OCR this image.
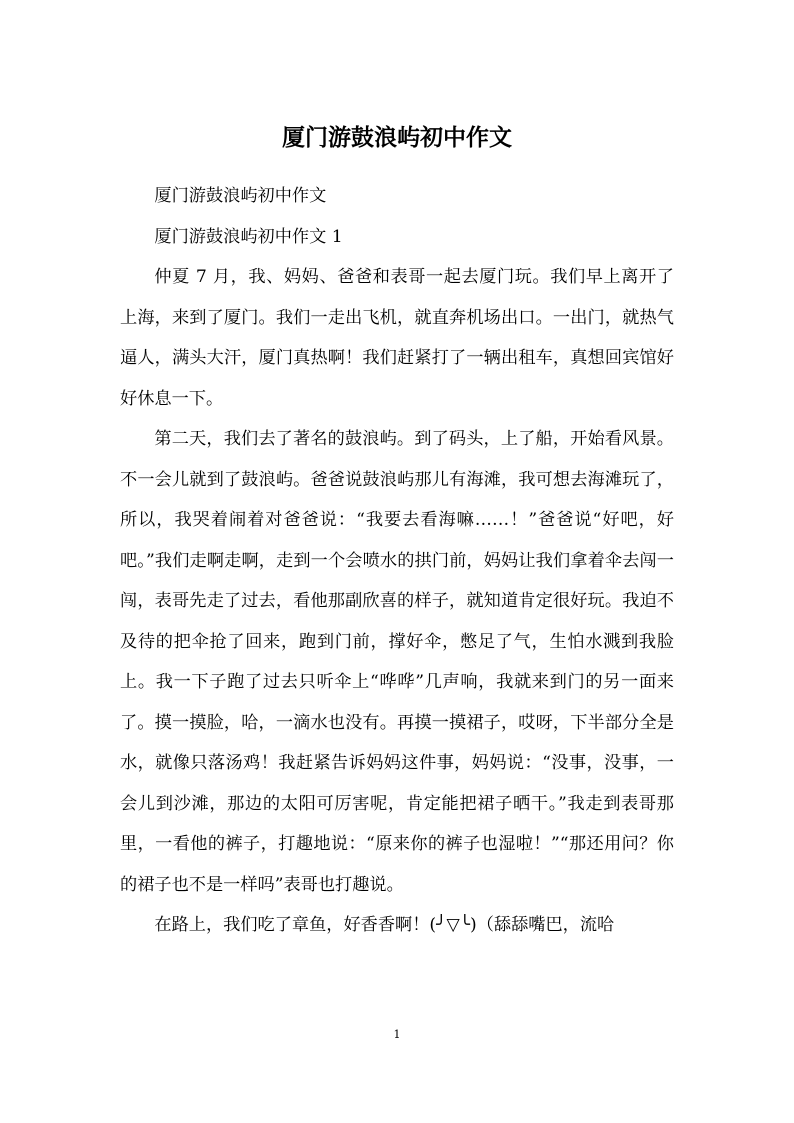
厦门游鼓浪屿初中作文

厦门游鼓浪屿初中作文

厦门游鼓浪屿初中作文 1

仲夏 7 月，我、妈妈、爸爸和表哥一起去厦门玩。我们早上离开了上海，来到了厦门。我们一走出飞机，就直奔机场出口。一出门，就热气逼人，满头大汗，厦门真热啊！我们赶紧打了一辆出租车，真想回宾馆好好休息一下。

第二天，我们去了著名的鼓浪屿。到了码头，上了船，开始看风景。不一会儿就到了鼓浪屿。爸爸说鼓浪屿那儿有海滩，我可想去海滩玩了，所以，我哭着闹着对爸爸说：“我要去看海嘛……！”爸爸说“好吧，好吧。”我们走啊走啊，走到一个会喷水的拱门前，妈妈让我们拿着伞去闯一闯，表哥先走了过去，看他那副欣喜的样子，就知道肯定很好玩。我迫不及待的把伞抢了回来，跑到门前，撑好伞，憋足了气，生怕水溅到我脸上。我一下子跑了过去只听伞上“哗哗”几声响，我就来到门的另一面来了。摸一摸脸，哈，一滴水也没有。再摸一摸裙子，哎呀，下半部分全是水，就像只落汤鸡！我赶紧告诉妈妈这件事，妈妈说：“没事，没事，一会儿到沙滩，那边的太阳可厉害呢，肯定能把裙子晒干。”我走到表哥那里，一看他的裤子，打趣地说：“原来你的裤子也湿啦！”“那还用问？你的裙子也不是一样吗”表哥也打趣说。

在路上，我们吃了章鱼，好香香啊！(╯▽╰)（舔舔嘴巴，流哈

1
